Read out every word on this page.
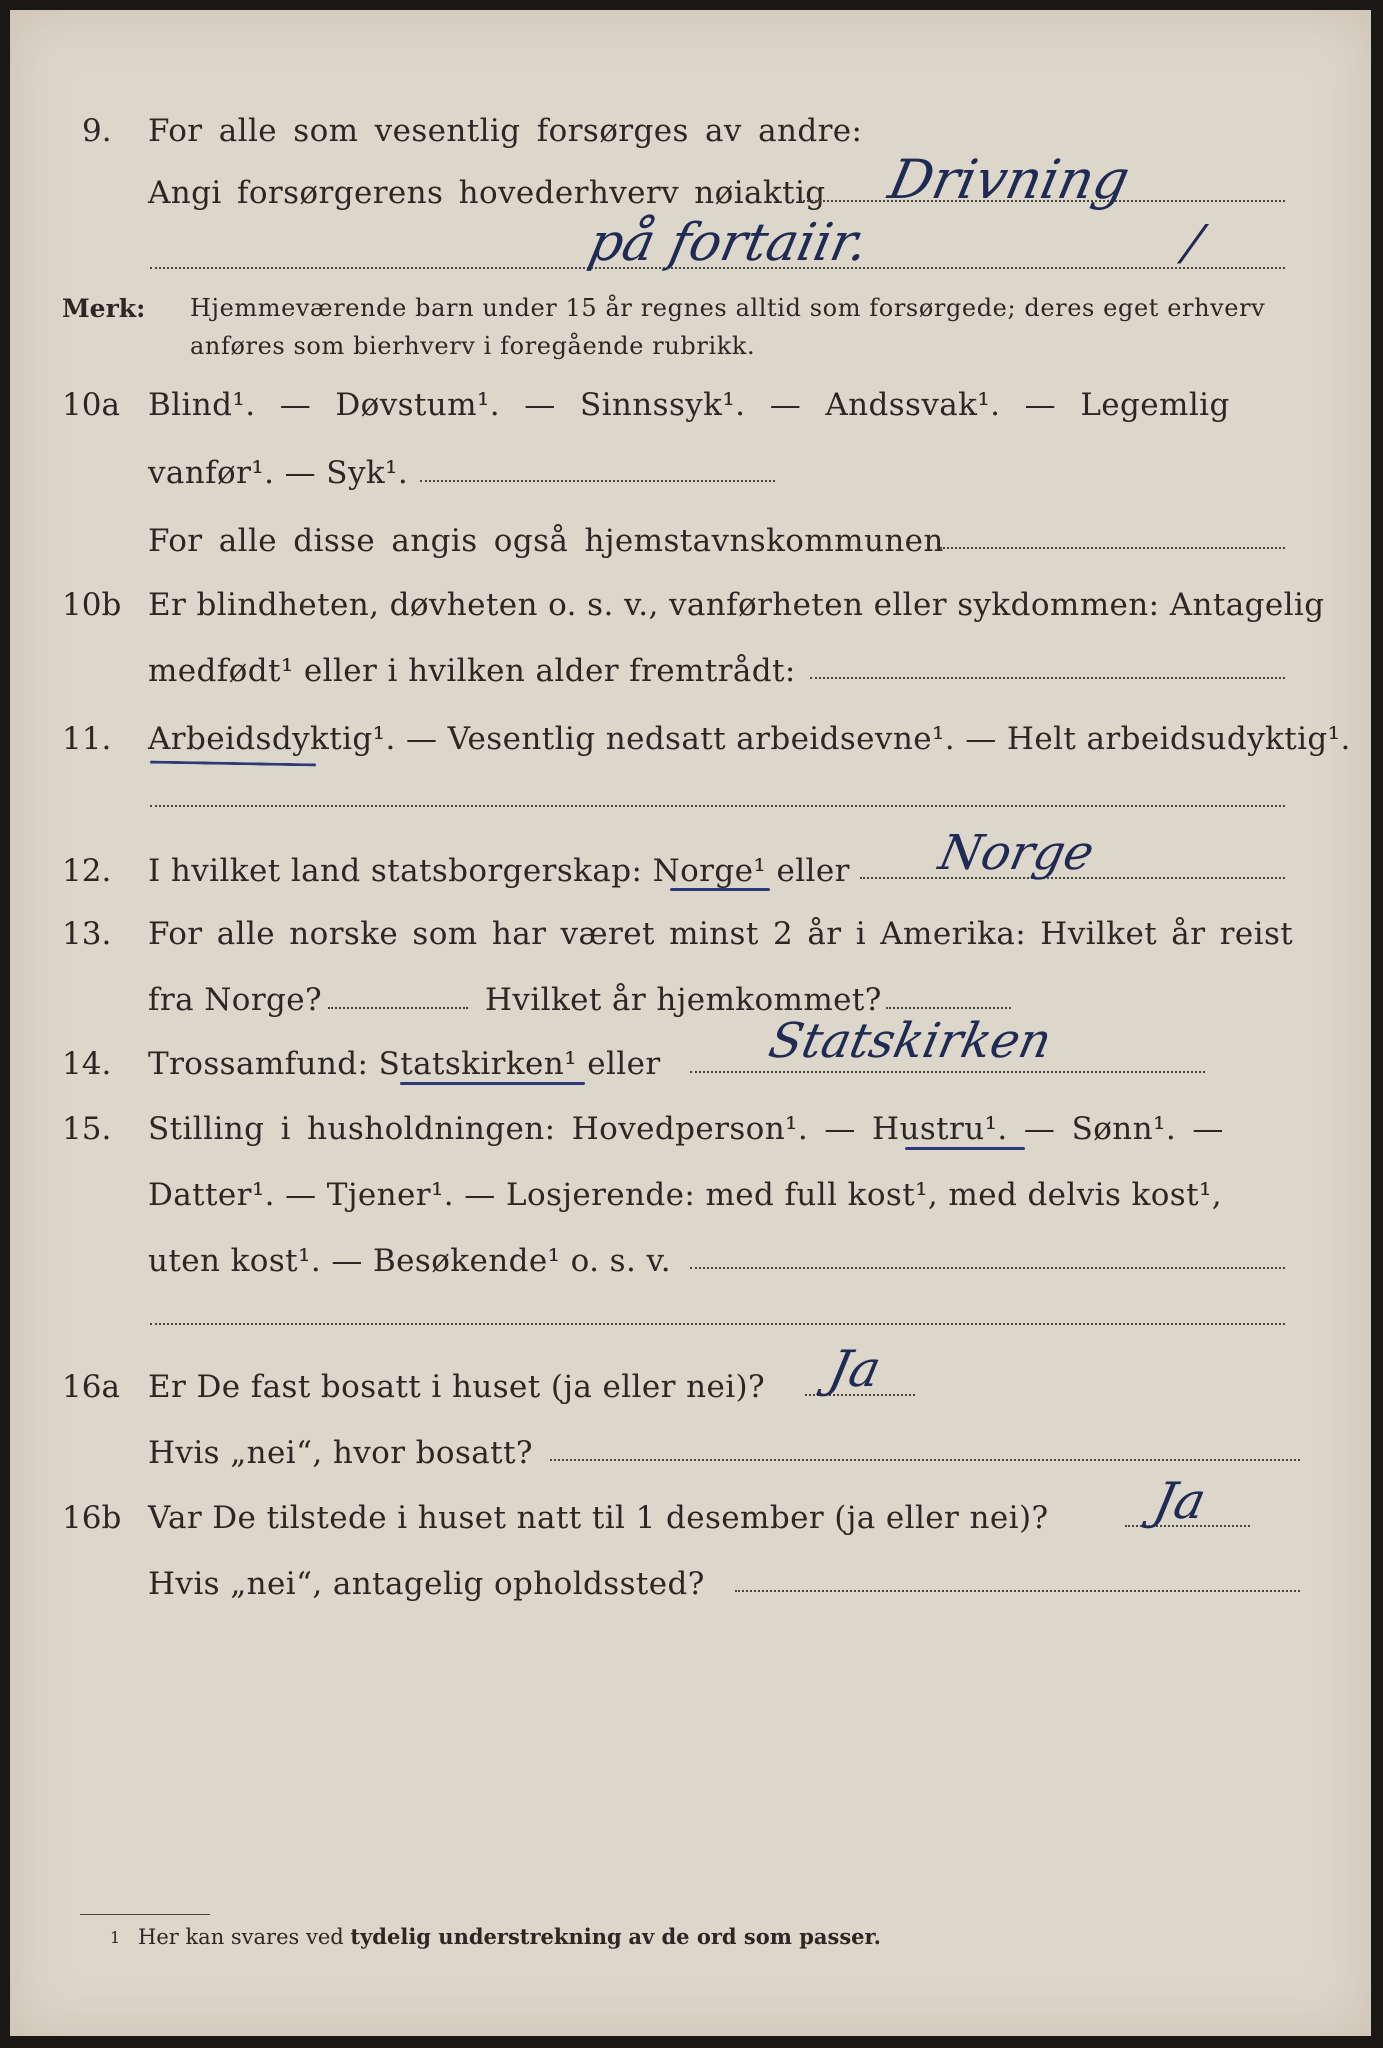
9. For alle som vesentlig forsørges av andre:
Angi forsørgerens hovederhverv nøiaktig Drivning
på fortaiir.	/
Merk: Hjemmeværende barn under 15 år regnes alltid som forsørgede; deres eget erhverv
anføres som bierhverv i foregående rubrikk.
10a Blind¹. — Døvstum¹. — Sinnssyk¹. — Andssvak¹. — Legemlig
vanfør¹. — Syk¹.
For alle disse angis også hjemstavnskommunen
10b Er blindheten, døvheten o. s. v., vanførheten eller sykdommen: Antagelig
medfødt¹ eller i hvilken alder fremtrådt:
11. Arbeidsdyktig¹. — Vesentlig nedsatt arbeidsevne¹. — Helt arbeidsudyktig¹.
12. I hvilket land statsborgerskap: Norge¹ eller Norge
13. For alle norske som har været minst 2 år i Amerika: Hvilket år reist
fra Norge?	Hvilket år hjemkommet?
14. Trossamfund: Statskirken¹ eller Statskirken
15. Stilling i husholdningen: Hovedperson¹. — Hustru¹. — Sønn¹. —
Datter¹. — Tjener¹. — Losjerende: med full kost¹, med delvis kost¹,
uten kost¹. — Besøkende¹ o. s. v.
16a Er De fast bosatt i huset (ja eller nei)? Ja
Hvis „nei“, hvor bosatt?
16b Var De tilstede i huset natt til 1 desember (ja eller nei)? Ja
Hvis „nei“, antagelig opholdssted?
1 Her kan svares ved tydelig understrekning av de ord som passer.
